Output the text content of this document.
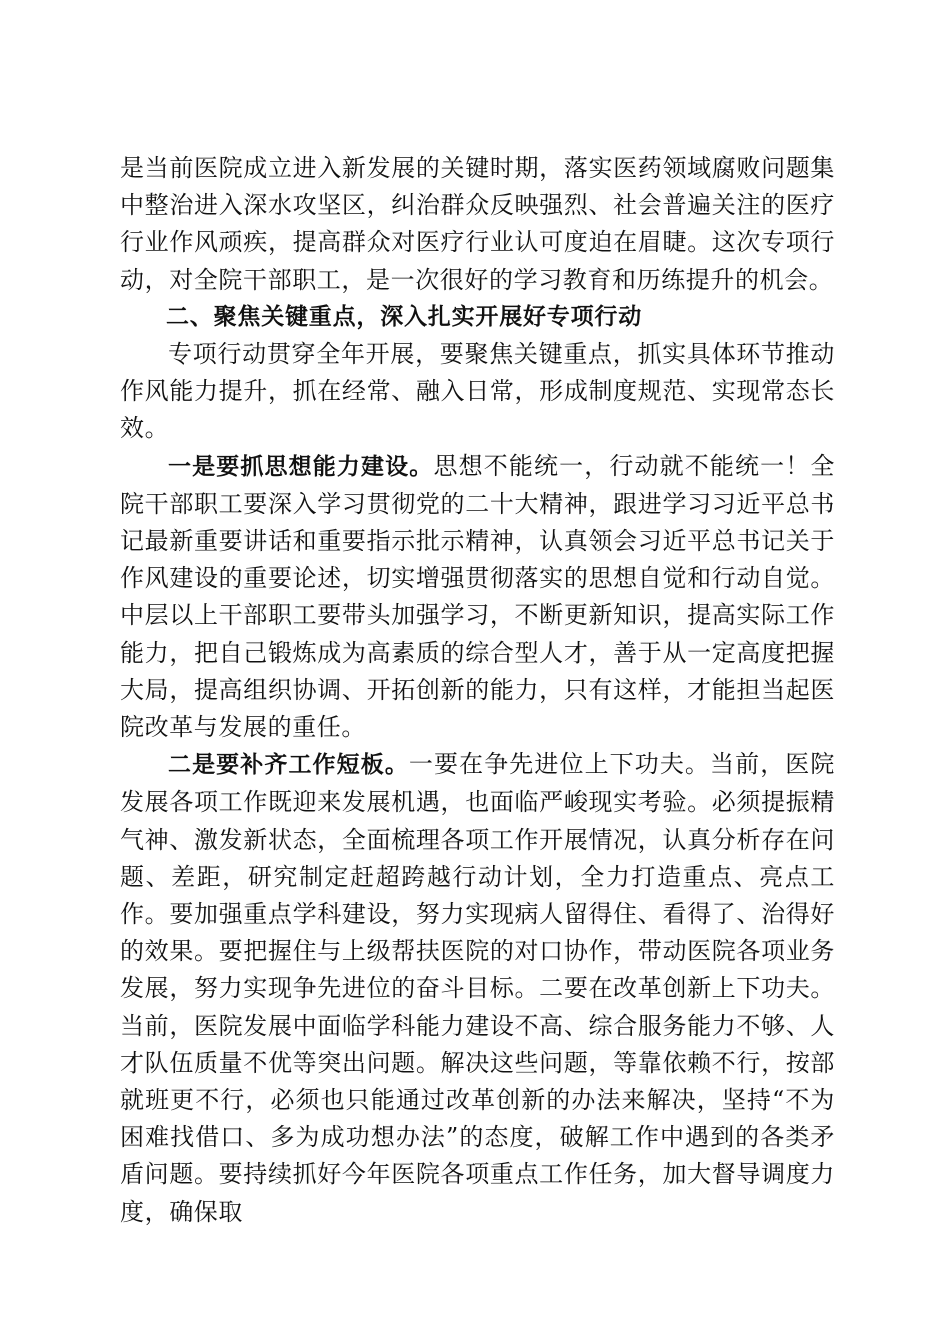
是当前医院成立进入新发展的关键时期，落实医药领域腐败问题集中整治进入深水攻坚区，纠治群众反映强烈、社会普遍关注的医疗行业作风顽疾，提高群众对医疗行业认可度迫在眉睫。这次专项行动，对全院干部职工，是一次很好的学习教育和历练提升的机会。

二、聚焦关键重点，深入扎实开展好专项行动

专项行动贯穿全年开展，要聚焦关键重点，抓实具体环节推动作风能力提升，抓在经常、融入日常，形成制度规范、实现常态长效。

一是要抓思想能力建设。思想不能统一，行动就不能统一！全院干部职工要深入学习贯彻党的二十大精神，跟进学习习近平总书记最新重要讲话和重要指示批示精神，认真领会习近平总书记关于作风建设的重要论述，切实增强贯彻落实的思想自觉和行动自觉。中层以上干部职工要带头加强学习，不断更新知识，提高实际工作能力，把自己锻炼成为高素质的综合型人才，善于从一定高度把握大局，提高组织协调、开拓创新的能力，只有这样，才能担当起医院改革与发展的重任。

二是要补齐工作短板。一要在争先进位上下功夫。当前，医院发展各项工作既迎来发展机遇，也面临严峻现实考验。必须提振精气神、激发新状态，全面梳理各项工作开展情况，认真分析存在问题、差距，研究制定赶超跨越行动计划，全力打造重点、亮点工作。要加强重点学科建设，努力实现病人留得住、看得了、治得好的效果。要把握住与上级帮扶医院的对口协作，带动医院各项业务发展，努力实现争先进位的奋斗目标。二要在改革创新上下功夫。当前，医院发展中面临学科能力建设不高、综合服务能力不够、人才队伍质量不优等突出问题。解决这些问题，等靠依赖不行，按部就班更不行，必须也只能通过改革创新的办法来解决，坚持“不为困难找借口、多为成功想办法”的态度，破解工作中遇到的各类矛盾问题。要持续抓好今年医院各项重点工作任务，加大督导调度力度，确保取
